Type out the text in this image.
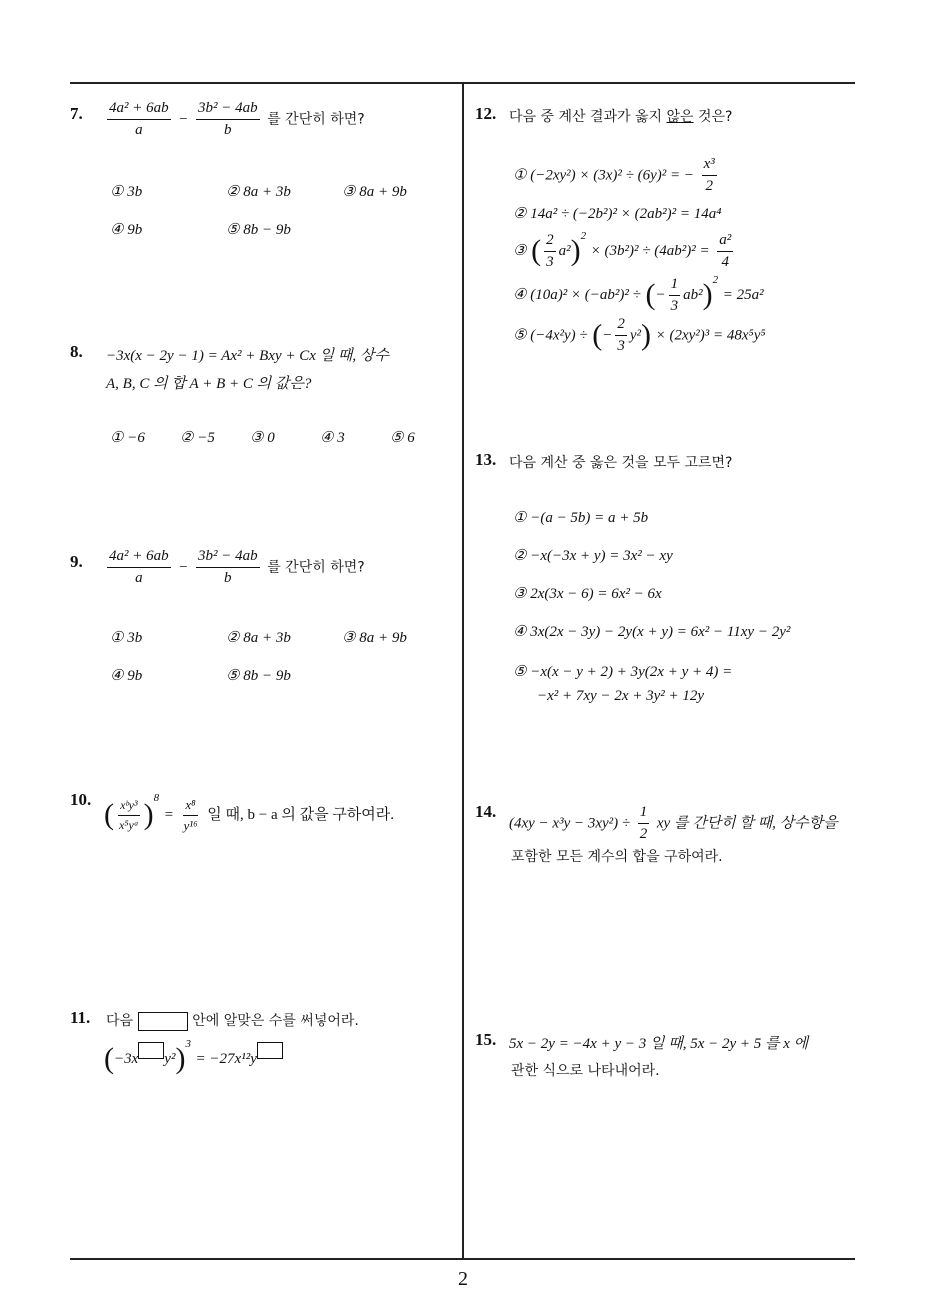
7. $\frac{\text{4a² + 6ab}}{a} - \frac{\text{3b² − 4ab}}{b}$ 를 간단히 하면?
① 3b	② 8a + 3b	③ 8a + 9b
④ 9b	⑤ 8b − 9b
8. −3x(x − 2y − 1) = Ax² + Bxy + Cx 일 때, 상수
A, B, C 의 합 A + B + C 의 값은?
① −6 ② −5 ③ 0	④ 3	⑤ 6
9. $\frac{\text{4a² + 6ab}}{a} - \frac{\text{3b² − 4ab}}{b}$ 를 간단히 하면?
① 3b	② 8a + 3b	③ 8a + 9b
④ 9b	⑤ 8b − 9b
10. ( $\frac{\text{xᵇy³}}{\text{x⁵yᵃ}} )^8 = \frac{\text{x⁸}}{\text{y¹⁶}}$ 일 때, b − a 의 값을 구하여라.
11. 다음	안에 알맞은 수를 써넣어라.
(−3x y²)$^3$ = −27x¹²y
12. 다음 중 계산 결과가 옳지 않은 것은?
① (−2xy²) × (3x)² ÷ (6y)² = − $\frac{\text{x³}}{2}$
② 14a² ÷ (−2b²)² × (2ab²)² = 14a⁴
③ ( $\frac{2}{3} a^2)^2 \times (3b^2)^2 \div (4ab^2)^2 = \frac{\text{a²}}{4}$
④ (10a)² × (−ab²)² ÷ (− $\frac{1}{3} ab^2)^2 = 25a^2$
⑤ (−4x²y) ÷ (− $\frac{2}{3} y^2) \times (2xy^2)^3 = 48x^5y^5$
13. 다음 계산 중 옳은 것을 모두 고르면?
① −(a − 5b) = a + 5b
② −x(−3x + y) = 3x² − xy
③ 2x(3x − 6) = 6x² − 6x
④ 3x(2x − 3y) − 2y(x + y) = 6x² − 11xy − 2y²
⑤ −x(x − y + 2) + 3y(2x + y + 4) =
−x² + 7xy − 2x + 3y² + 12y
14.
$(4xy - x^3y - 3xy^2) \div \frac{1}{2}$ xy 를 간단히 할 때, 상수항을
포함한 모든 계수의 합을 구하여라.
15. 5x − 2y = −4x + y − 3 일 때, 5x − 2y + 5 를 x 에
관한 식으로 나타내어라.
2
